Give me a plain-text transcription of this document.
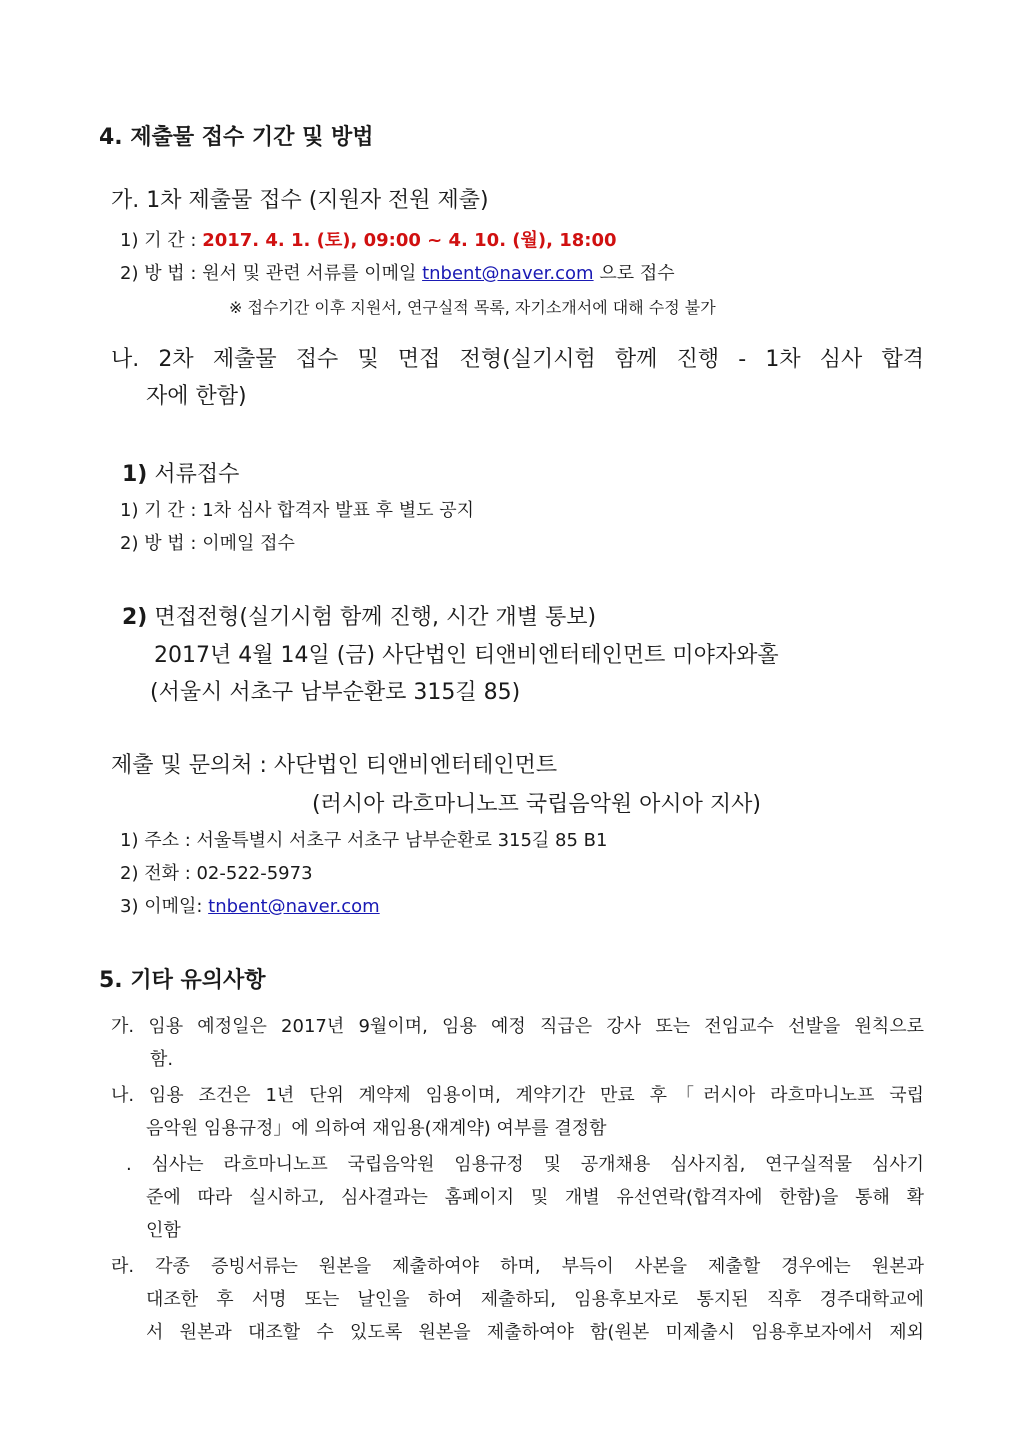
4. 제출물 접수 기간 및 방법
가. 1차 제출물 접수 (지원자 전원 제출)
1) 기 간 : 2017. 4. 1. (토), 09:00 ~ 4. 10. (월), 18:00
2) 방 법 : 원서 및 관련 서류를 이메일 tnbent@naver.com 으로 접수
※ 접수기간 이후 지원서, 연구실적 목록, 자기소개서에 대해 수정 불가
나. 2차 제출물 접수 및 면접 전형(실기시험 함께 진행 - 1차 심사 합격
자에 한함)
1) 서류접수
1) 기 간 : 1차 심사 합격자 발표 후 별도 공지
2) 방 법 : 이메일 접수
2) 면접전형(실기시험 함께 진행, 시간 개별 통보)
2017년 4월 14일 (금) 사단법인 티앤비엔터테인먼트 미야자와홀
(서울시 서초구 남부순환로 315길 85)
제출 및 문의처 : 사단법인 티앤비엔터테인먼트
(러시아 라흐마니노프 국립음악원 아시아 지사)
1) 주소 : 서울특별시 서초구 서초구 남부순환로 315길 85 B1
2) 전화 : 02-522-5973
3) 이메일: tnbent@naver.com
5. 기타 유의사항
가. 임용 예정일은 2017년 9월이며, 임용 예정 직급은 강사 또는 전임교수 선발을 원칙으로
함.
나. 임용 조건은 1년 단위 계약제 임용이며, 계약기간 만료 후「러시아 라흐마니노프 국립
음악원 임용규정」에 의하여 재임용(재계약) 여부를 결정함
. 심사는 라흐마니노프 국립음악원 임용규정 및 공개채용 심사지침, 연구실적물 심사기
준에 따라 실시하고, 심사결과는 홈페이지 및 개별 유선연락(합격자에 한함)을 통해 확
인함
라. 각종 증빙서류는 원본을 제출하여야 하며, 부득이 사본을 제출할 경우에는 원본과
대조한 후 서명 또는 날인을 하여 제출하되, 임용후보자로 통지된 직후 경주대학교에
서 원본과 대조할 수 있도록 원본을 제출하여야 함(원본 미제출시 임용후보자에서 제외
